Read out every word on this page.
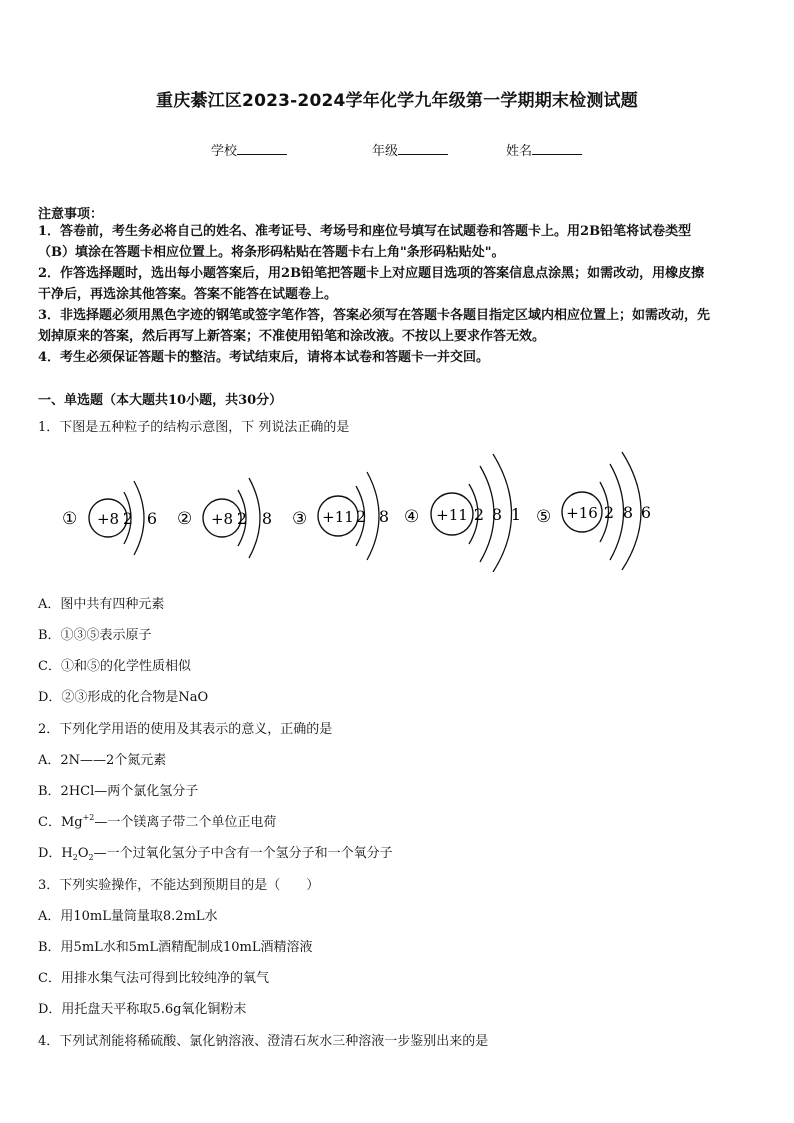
重庆綦江区2023-2024学年化学九年级第一学期期末检测试题
学校	年级	姓名
注意事项：
1．答卷前，考生务必将自己的姓名、准考证号、考场号和座位号填写在试题卷和答题卡上。用2B铅笔将试卷类型
（B）填涂在答题卡相应位置上。将条形码粘贴在答题卡右上角"条形码粘贴处"。
2．作答选择题时，选出每小题答案后，用2B铅笔把答题卡上对应题目选项的答案信息点涂黑；如需改动，用橡皮擦
干净后，再选涂其他答案。答案不能答在试题卷上。
3．非选择题必须用黑色字迹的钢笔或签字笔作答，答案必须写在答题卡各题目指定区域内相应位置上；如需改动，先
划掉原来的答案，然后再写上新答案；不准使用铅笔和涂改液。不按以上要求作答无效。
4．考生必须保证答题卡的整洁。考试结束后，请将本试卷和答题卡一并交回。
一、单选题（本大题共10小题，共30分）
1．下图是五种粒子的结构示意图，下 列说法正确的是
① +8 2 6 ② +8 2 8 ③ +11 2 8 ④ +11 2 8 1 ⑤ +16 2 8 6
A．图中共有四种元素
B．①③⑤表示原子
C．①和⑤的化学性质相似
D．②③形成的化合物是NaO
2．下列化学用语的使用及其表示的意义，正确的是
A．2N——2个氮元素
B．2HCl—两个氯化氢分子
C．$Mg^{+2}—$一个镁离子带二个单位正电荷
D．$H_2O_2—$一个过氧化氢分子中含有一个氢分子和一个氧分子
3．下列实验操作，不能达到预期目的是（　　）
A．用10mL量筒量取8.2mL水
B．用5mL水和5mL酒精配制成10mL酒精溶液
C．用排水集气法可得到比较纯净的氧气
D．用托盘天平称取5.6g氧化铜粉末
4．下列试剂能将稀硫酸、氯化钠溶液、澄清石灰水三种溶液一步鉴别出来的是
